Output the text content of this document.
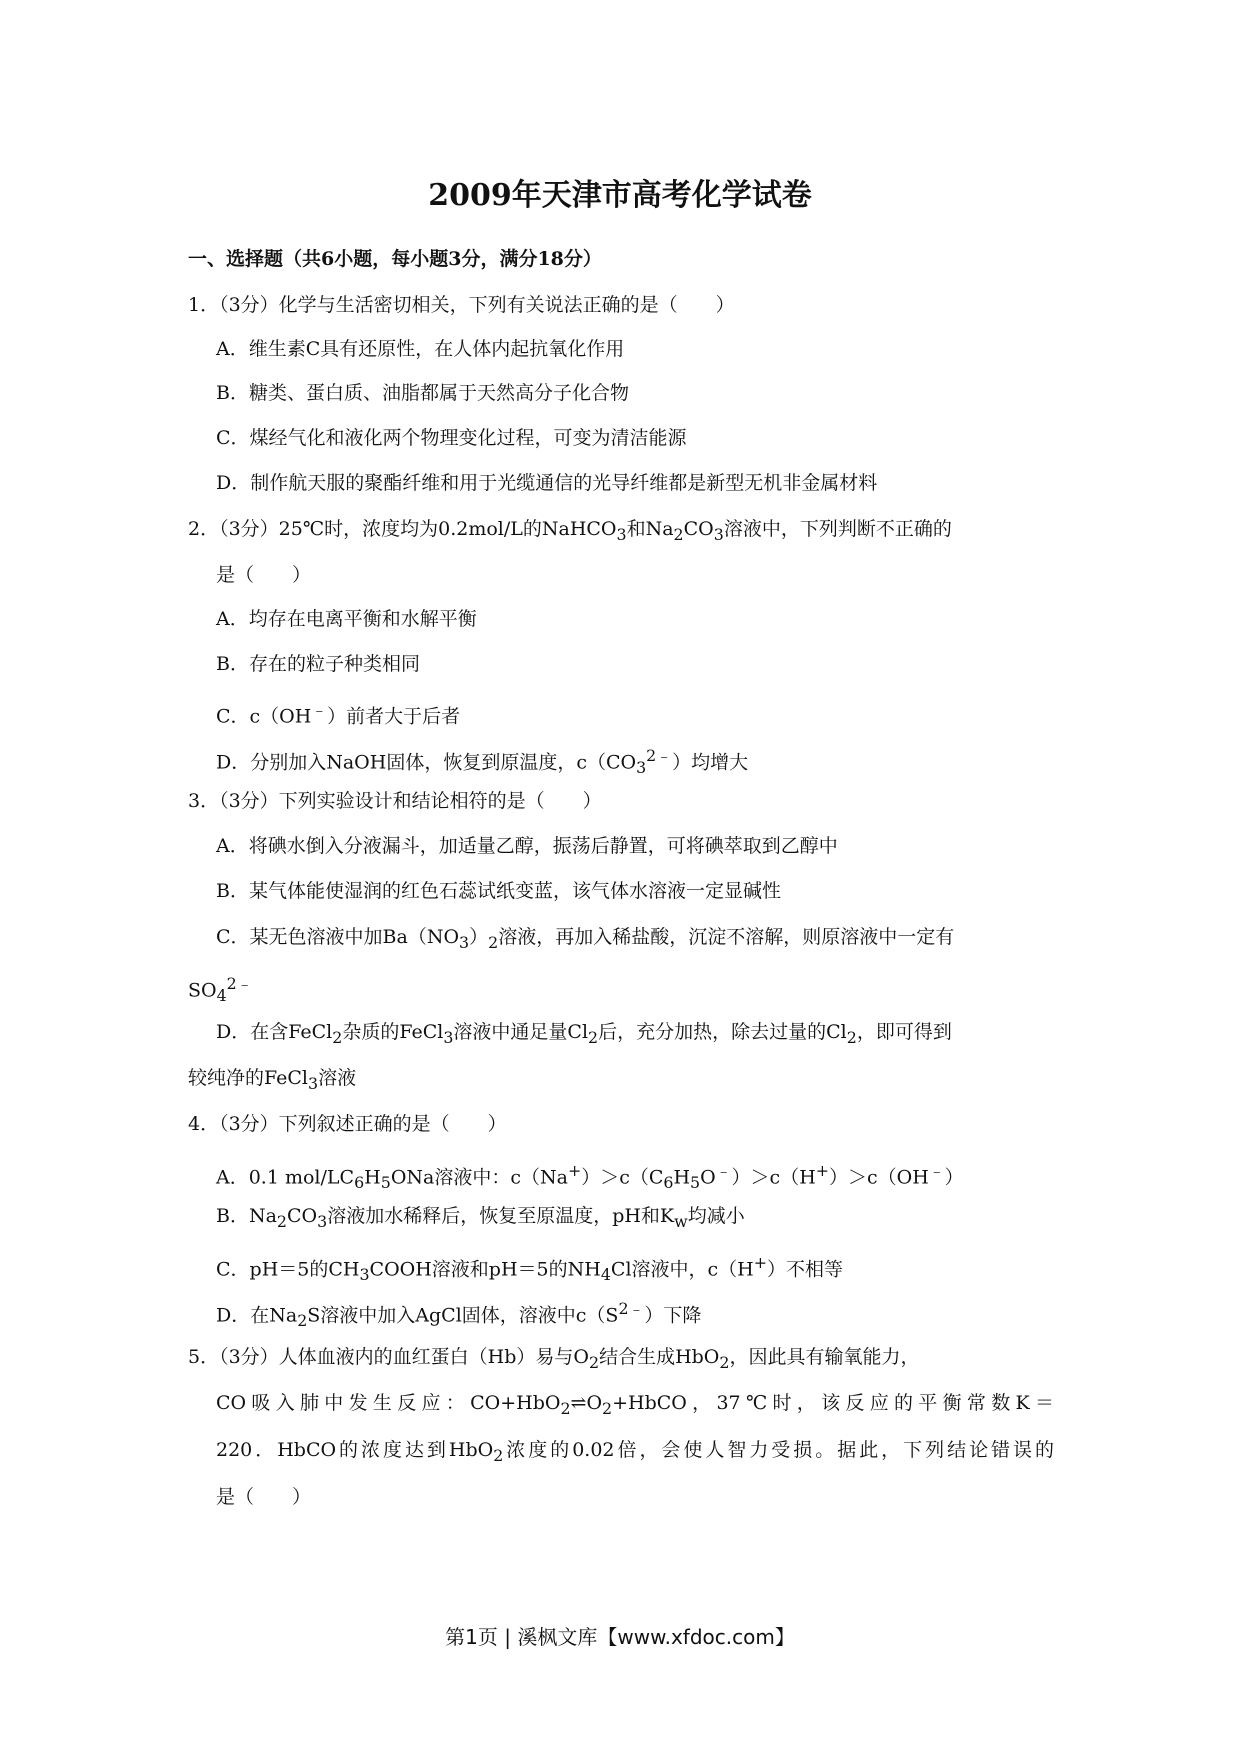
2009年天津市高考化学试卷
一、选择题（共6小题，每小题3分，满分18分）
1．（3分）化学与生活密切相关，下列有关说法正确的是（　　）
A．维生素C具有还原性，在人体内起抗氧化作用
B．糖类、蛋白质、油脂都属于天然高分子化合物
C．煤经气化和液化两个物理变化过程，可变为清洁能源
D．制作航天服的聚酯纤维和用于光缆通信的光导纤维都是新型无机非金属材料
2．（3分）25℃时，浓度均为0.2mol/L的NaHCO$_3$和$Na_2CO_3$溶液中，下列判断不正确的
是（　　）
A．均存在电离平衡和水解平衡
B．存在的粒子种类相同
C．c（OH﹣）前者大于后者
D．分别加入NaOH固体，恢复到原温度，$c(CO_3^{2﹣})$均增大
3．（3分）下列实验设计和结论相符的是（　　）
A．将碘水倒入分液漏斗，加适量乙醇，振荡后静置，可将碘萃取到乙醇中
B．某气体能使湿润的红色石蕊试纸变蓝，该气体水溶液一定显碱性
C．某无色溶液中加$Ba(NO_3)_2$溶液，再加入稀盐酸，沉淀不溶解，则原溶液中一定有
$SO_4^{2﹣}$
D．在含FeCl$_2$杂质的FeCl$_3$溶液中通足量$Cl_2$后，充分加热，除去过量的$Cl_2$，即可得到
较纯净的FeCl$_3$溶液
4．（3分）下列叙述正确的是（　　）
A．0.1 mol/$LC_6H_5ONa$溶液中：$c(Na^+)>c(C_6H_5O^﹣)>c(H^+)>c(OH^﹣)$
B．$Na_2CO_3$溶液加水稀释后，恢复至原温度，pH和$K_w$均减小
C．pH＝5的$CH_3COOH$溶液和pH＝5的$NH_4Cl$溶液中，c（H+）不相等
D．在$Na_2S$溶液中加入AgCl固体，溶液中$c(S^{2﹣})$下降
5．（3分）人体血液内的血红蛋白（Hb）易与$O_2$结合生成HbO$_2$，因此具有输氧能力，
CO吸入肺中发生反应：$CO+HbO_2\rightleftharpoons O_2+HbCO$，37℃时，该反应的平衡常数K＝
220．HbCO的浓度达到HbO$_2$浓度的0.02倍，会使人智力受损。据此，下列结论错误的
是（　　）
第1页 | 溪枫文库【www.xfdoc.com】
